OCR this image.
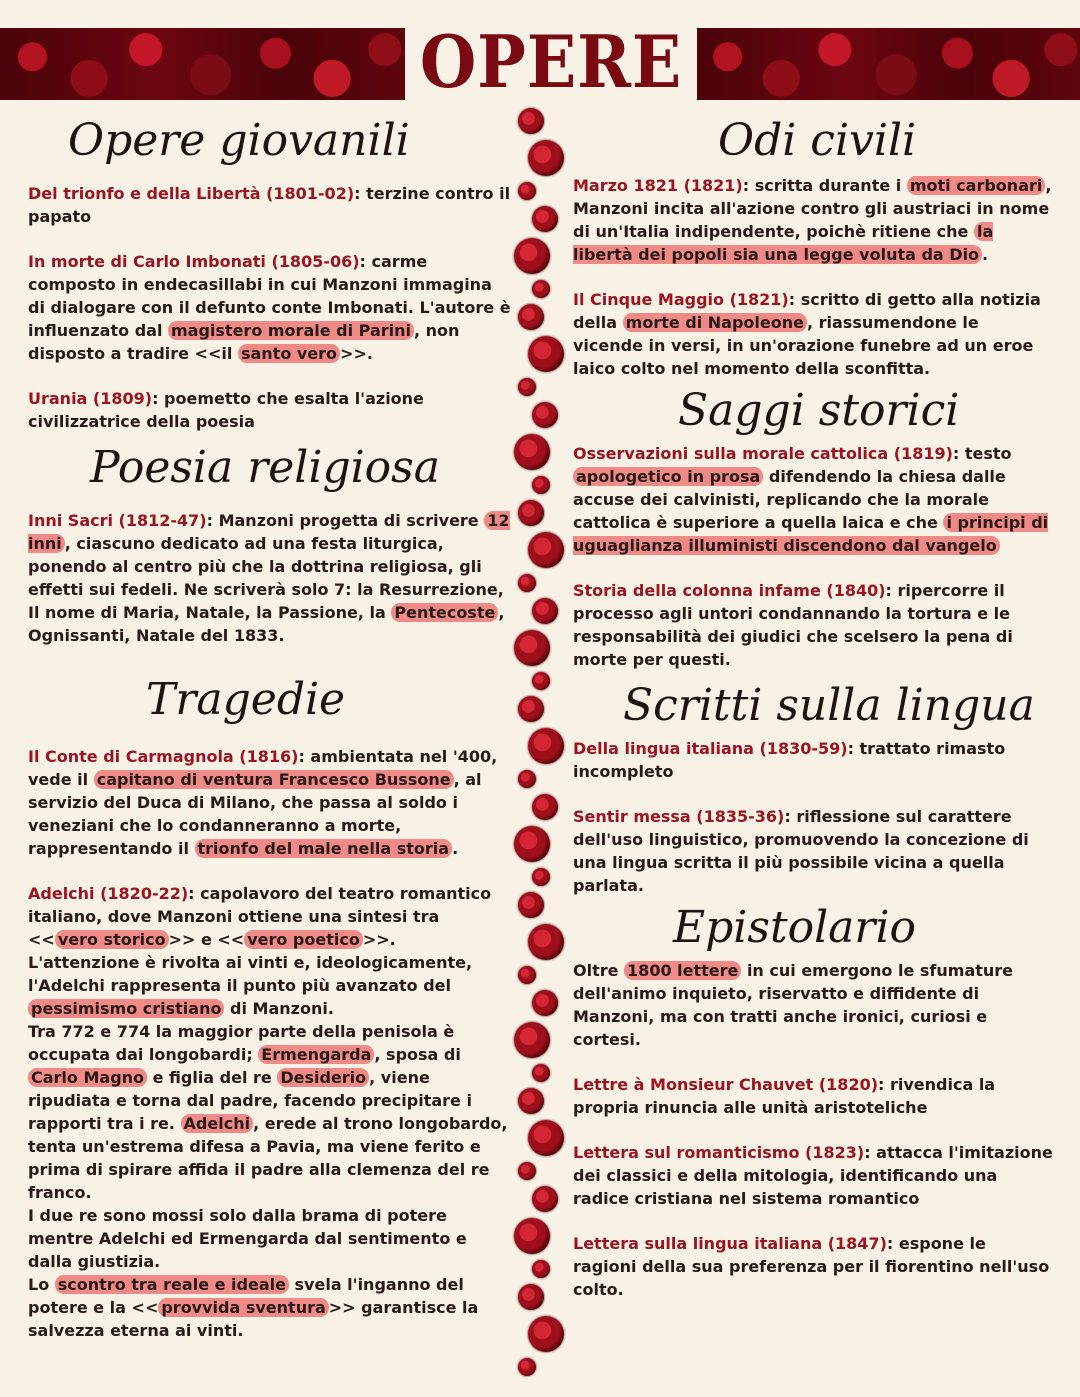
OPERE
Opere giovanili

Del trionfo e della Libertà (1801-02): terzine contro il papato

In morte di Carlo Imbonati (1805-06): carme composto in endecasillabi in cui Manzoni immagina di dialogare con il defunto conte Imbonati. L'autore è influenzato dal magistero morale di Parini , non disposto a tradire <<il santo vero >>.

Urania (1809): poemetto che esalta l'azione civilizzatrice della poesia

Poesia religiosa

Inni Sacri (1812-47): Manzoni progetta di scrivere 12 inni , ciascuno dedicato ad una festa liturgica, ponendo al centro più che la dottrina religiosa, gli effetti sui fedeli. Ne scriverà solo 7: la Resurrezione, Il nome di Maria, Natale, la Passione, la Pentecoste , Ognissanti, Natale del 1833.

Tragedie

Il Conte di Carmagnola (1816): ambientata nel '400, vede il capitano di ventura Francesco Bussone , al servizio del Duca di Milano, che passa al soldo i veneziani che lo condanneranno a morte, rappresentando il trionfo del male nella storia .

Adelchi (1820-22): capolavoro del teatro romantico italiano, dove Manzoni ottiene una sintesi tra << vero storico >> e << vero poetico >>. L'attenzione è rivolta ai vinti e, ideologicamente, l'Adelchi rappresenta il punto più avanzato del pessimismo cristiano di Manzoni.
Tra 772 e 774 la maggior parte della penisola è occupata dai longobardi; Ermengarda , sposa di Carlo Magno e figlia del re Desiderio , viene ripudiata e torna dal padre, facendo precipitare i rapporti tra i re. Adelchi , erede al trono longobardo, tenta un'estrema difesa a Pavia, ma viene ferito e prima di spirare affida il padre alla clemenza del re franco.
I due re sono mossi solo dalla brama di potere mentre Adelchi ed Ermengarda dal sentimento e dalla giustizia.
Lo scontro tra reale e ideale svela l'inganno del potere e la << provvida sventura >> garantisce la salvezza eterna ai vinti.

Odi civili

Marzo 1821 (1821): scritta durante i moti carbonari , Manzoni incita all'azione contro gli austriaci in nome di un'Italia indipendente, poichè ritiene che la libertà dei popoli sia una legge voluta da Dio .

Il Cinque Maggio (1821): scritto di getto alla notizia della morte di Napoleone , riassumendone le vicende in versi, in un'orazione funebre ad un eroe laico colto nel momento della sconfitta.

Saggi storici

Osservazioni sulla morale cattolica (1819): testo apologetico in prosa difendendo la chiesa dalle accuse dei calvinisti, replicando che la morale cattolica è superiore a quella laica e che i principi di uguaglianza illuministi discendono dal vangelo

Storia della colonna infame (1840): ripercorre il processo agli untori condannando la tortura e le responsabilità dei giudici che scelsero la pena di morte per questi.

Scritti sulla lingua

Della lingua italiana (1830-59): trattato rimasto incompleto

Sentir messa (1835-36): riflessione sul carattere dell'uso linguistico, promuovendo la concezione di una lingua scritta il più possibile vicina a quella parlata.

Epistolario

Oltre 1800 lettere in cui emergono le sfumature dell'animo inquieto, riservatto e diffidente di Manzoni, ma con tratti anche ironici, curiosi e cortesi.

Lettre à Monsieur Chauvet (1820): rivendica la propria rinuncia alle unità aristoteliche

Lettera sul romanticismo (1823): attacca l'imitazione dei classici e della mitologia, identificando una radice cristiana nel sistema romantico

Lettera sulla lingua italiana (1847): espone le ragioni della sua preferenza per il fiorentino nell'uso colto.
